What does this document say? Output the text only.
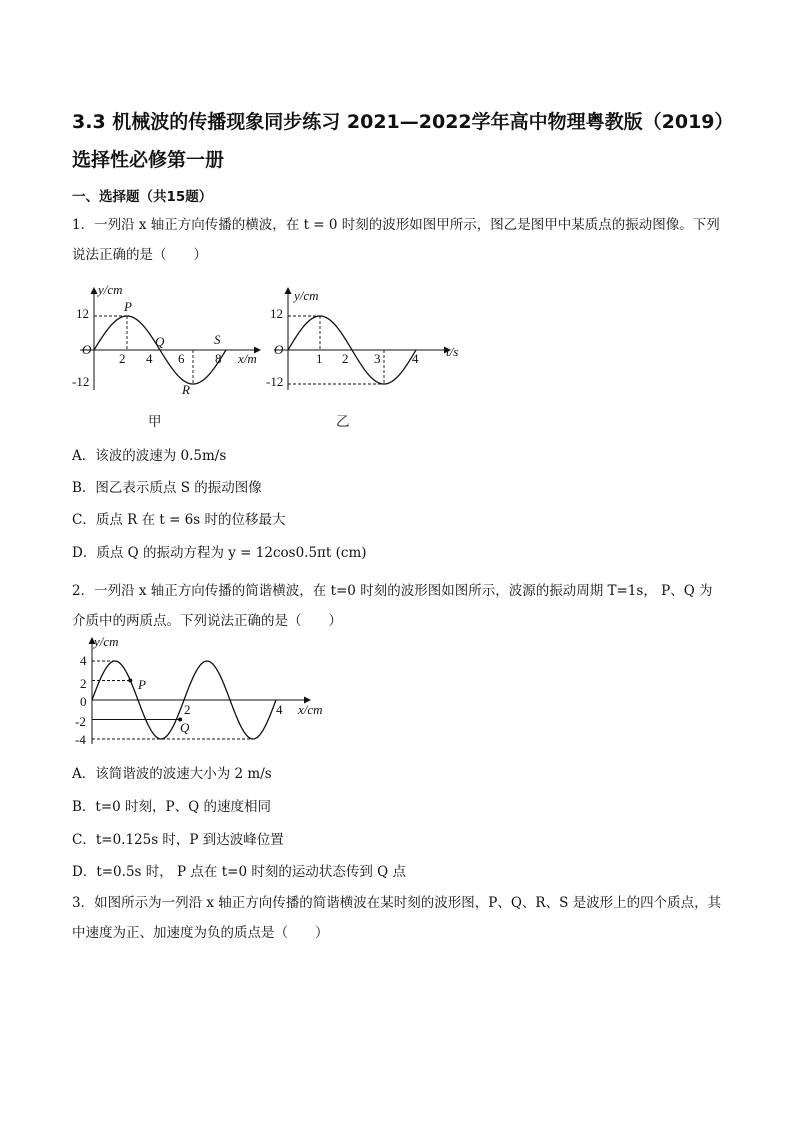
3.3 机械波的传播现象同步练习 2021—2022学年高中物理粤教版（2019）选择性必修第一册
一、选择题（共15题）
1．一列沿 x 轴正方向传播的横波，在 t = 0 时刻的波形如图甲所示，图乙是图甲中某质点的振动图像。下列说法正确的是（　　）
y/cm
12
-12
O
2 4 6 8 x/m
P
Q
R
S
甲
y/cm
12
-12
O
1 2 3 4 t/s
乙
A．该波的波速为 0.5m/s
B．图乙表示质点 S 的振动图像
C．质点 R 在 t = 6s 时的位移最大
D．质点 Q 的振动方程为 y = 12cos0.5πt (cm)
2．一列沿 x 轴正方向传播的简谐横波，在 t=0 时刻的波形图如图所示，波源的振动周期 T=1s， P、Q 为介质中的两质点。下列说法正确的是（　　）
y/cm
4
2
0
-2
-4
2	4 x/cm
P
Q
A．该简谐波的波速大小为 2 m/s
B．t=0 时刻，P、Q 的速度相同
C．t=0.125s 时，P 到达波峰位置
D．t=0.5s 时， P 点在 t=0 时刻的运动状态传到 Q 点
3．如图所示为一列沿 x 轴正方向传播的简谐横波在某时刻的波形图，P、Q、R、S 是波形上的四个质点，其中速度为正、加速度为负的质点是（　　）
